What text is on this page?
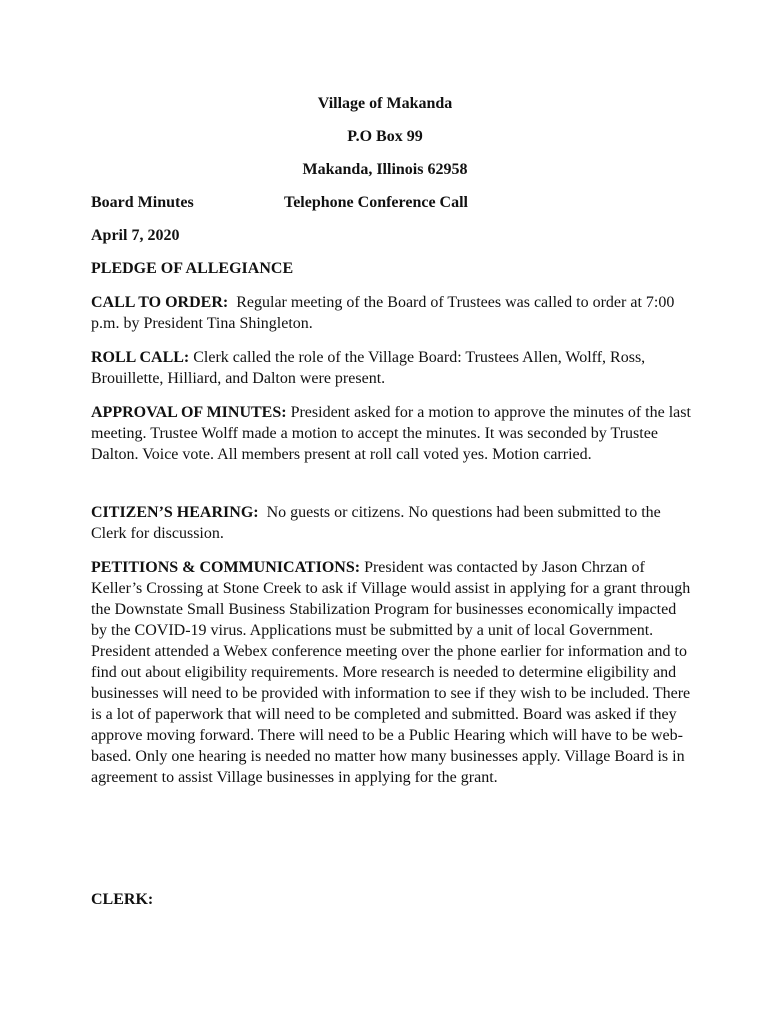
Village of Makanda
P.O Box 99
Makanda, Illinois 62958
Board Minutes	Telephone Conference Call
April 7, 2020
PLEDGE OF ALLEGIANCE
CALL TO ORDER: Regular meeting of the Board of Trustees was called to order at 7:00 p.m. by President Tina Shingleton.
ROLL CALL: Clerk called the role of the Village Board: Trustees Allen, Wolff, Ross, Brouillette, Hilliard, and Dalton were present.
APPROVAL OF MINUTES: President asked for a motion to approve the minutes of the last meeting. Trustee Wolff made a motion to accept the minutes. It was seconded by Trustee Dalton. Voice vote. All members present at roll call voted yes. Motion carried.
CITIZEN’S HEARING: No guests or citizens. No questions had been submitted to the Clerk for discussion.
PETITIONS & COMMUNICATIONS: President was contacted by Jason Chrzan of Keller’s Crossing at Stone Creek to ask if Village would assist in applying for a grant through the Downstate Small Business Stabilization Program for businesses economically impacted by the COVID-19 virus. Applications must be submitted by a unit of local Government. President attended a Webex conference meeting over the phone earlier for information and to find out about eligibility requirements. More research is needed to determine eligibility and businesses will need to be provided with information to see if they wish to be included. There is a lot of paperwork that will need to be completed and submitted. Board was asked if they approve moving forward. There will need to be a Public Hearing which will have to be web-based. Only one hearing is needed no matter how many businesses apply. Village Board is in agreement to assist Village businesses in applying for the grant.
CLERK:
